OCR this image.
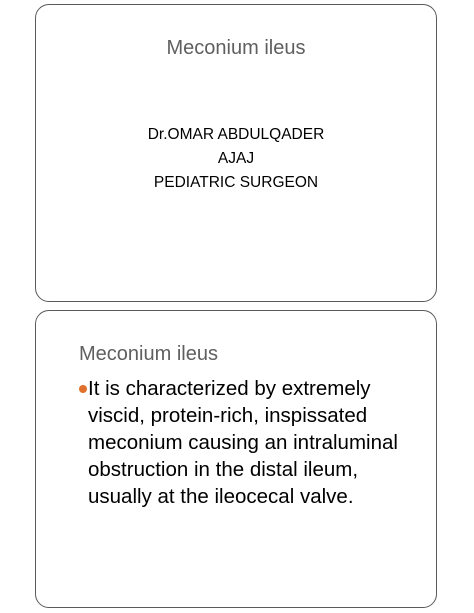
Meconium ileus
Dr.OMAR ABDULQADER
AJAJ
PEDIATRIC SURGEON
Meconium ileus
It is characterized by extremely viscid, protein-rich, inspissated meconium causing an intraluminal obstruction in the distal ileum, usually at the ileocecal valve.
